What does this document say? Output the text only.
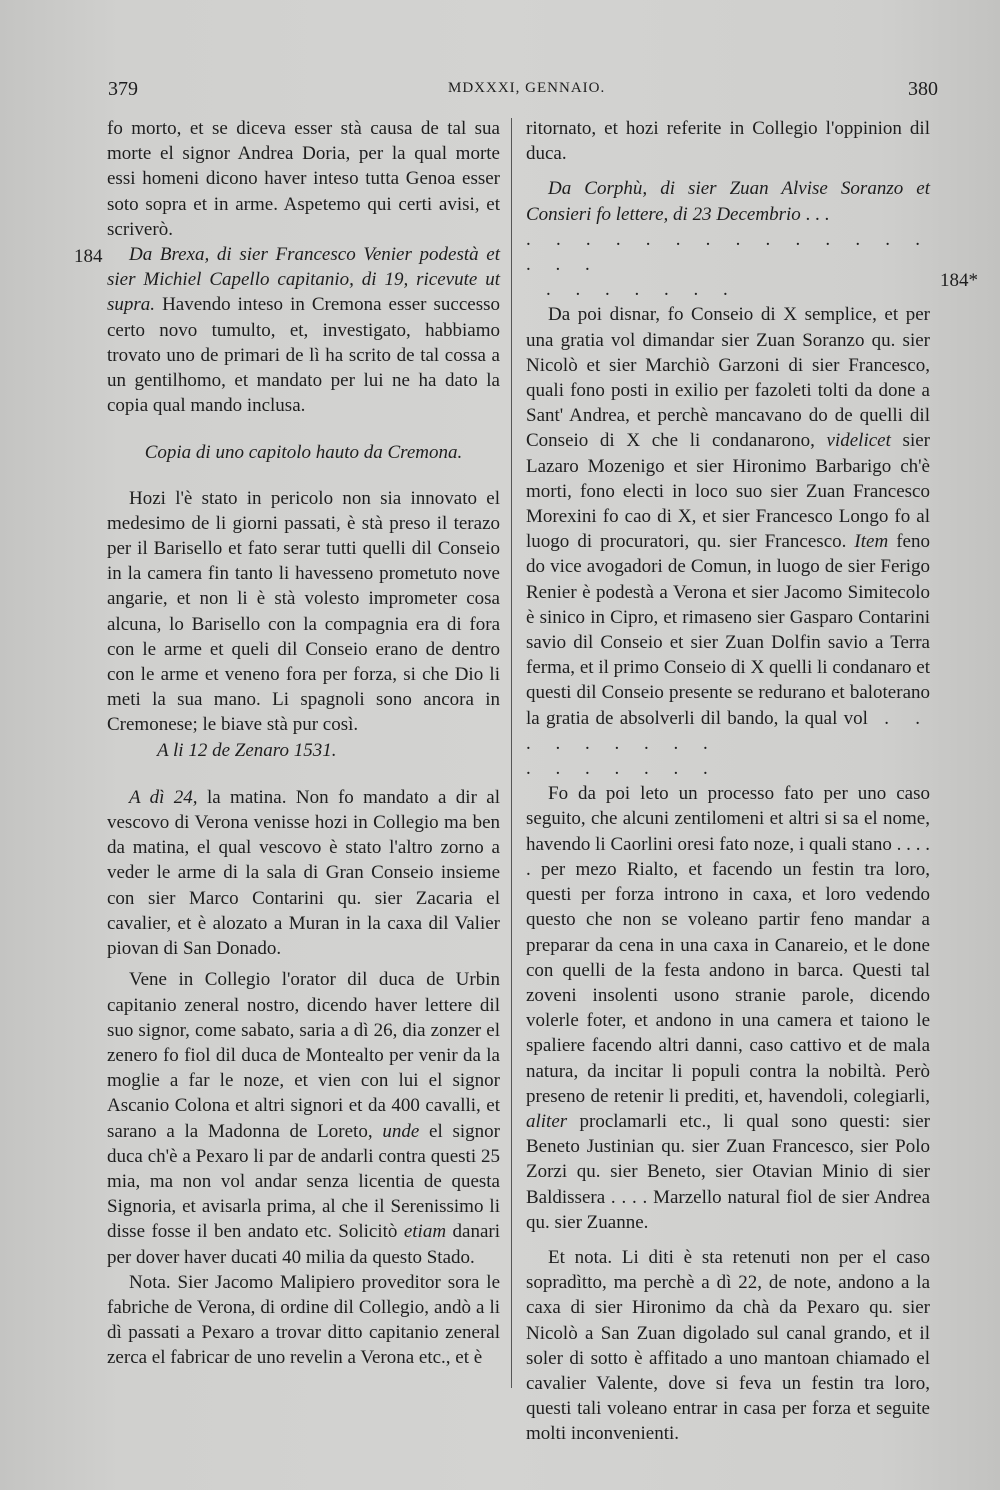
379	MDXXXI, GENNAIO.	380
184
184*

fo morto, et se diceva esser stà causa de tal sua morte el signor Andrea Doria, per la qual morte essi homeni dicono haver inteso tutta Genoa esser soto sopra et in arme. Aspetemo qui certi avisi, et scriverò.

Da Brexa, di sier Francesco Venier podestà et sier Michiel Capello capitanio, di 19, ricevute ut supra. Havendo inteso in Cremona esser successo certo novo tumulto, et, investigato, habbiamo trovato uno de primari de lì ha scrito de tal cossa a un gentilhomo, et mandato per lui ne ha dato la copia qual mando inclusa.

Copia di uno capitolo hauto da Cremona.

Hozi l'è stato in pericolo non sia innovato el medesimo de li giorni passati, è stà preso il terazo per il Barisello et fato serar tutti quelli dil Conseio in la camera fin tanto li havesseno prometuto nove angarie, et non li è stà volesto imprometer cosa alcuna, lo Barisello con la compagnia era di fora con le arme et queli dil Conseio erano de dentro con le arme et veneno fora per forza, si che Dio li meti la sua mano. Li spagnoli sono ancora in Cremonese; le biave stà pur così.

A li 12 de Zenaro 1531.

A dì 24, la matina. Non fo mandato a dir al vescovo di Verona venisse hozi in Collegio ma ben da matina, el qual vescovo è stato l'altro zorno a veder le arme di la sala di Gran Conseio insieme con sier Marco Contarini qu. sier Zacaria el cavalier, et è alozato a Muran in la caxa dil Valier piovan di San Donado.

Vene in Collegio l'orator dil duca de Urbin capitanio zeneral nostro, dicendo haver lettere dil suo signor, come sabato, saria a dì 26, dia zonzer el zenero fo fiol dil duca de Montealto per venir da la moglie a far le noze, et vien con lui el signor Ascanio Colona et altri signori et da 400 cavalli, et sarano a la Madonna de Loreto, unde el signor duca ch'è a Pexaro li par de andarli contra questi 25 mia, ma non vol andar senza licentia de questa Signoria, et avisarla prima, al che il Serenissimo li disse fosse il ben andato etc. Solicitò etiam danari per dover haver ducati 40 milia da questo Stado.

Nota. Sier Jacomo Malipiero proveditor sora le fabriche de Verona, di ordine dil Collegio, andò a li dì passati a Pexaro a trovar ditto capitanio zeneral zerca el fabricar de uno revelin a Verona etc., et è

ritornato, et hozi referite in Collegio l'oppinion dil duca.

Da Corphù, di sier Zuan Alvise Soranzo et Consieri fo lettere, di 23 Decembrio . . .

. . . . . . . . . . . . . . . . .

. . . . . . .

Da poi disnar, fo Conseio di X semplice, et per una gratia vol dimandar sier Zuan Soranzo qu. sier Nicolò et sier Marchiò Garzoni di sier Francesco, quali fono posti in exilio per fazoleti tolti da done a Sant' Andrea, et perchè mancavano do de quelli dil Conseio di X che li condanarono, videlicet sier Lazaro Mozenigo et sier Hironimo Barbarigo ch'è morti, fono electi in loco suo sier Zuan Francesco Morexini fo cao di X, et sier Francesco Longo fo al luogo di procuratori, qu. sier Francesco. Item feno do vice avogadori de Comun, in luogo de sier Ferigo Renier è podestà a Verona et sier Jacomo Simitecolo è sinico in Cipro, et rimaseno sier Gasparo Contarini savio dil Conseio et sier Zuan Dolfin savio a Terra ferma, et il primo Conseio di X quelli li condanaro et questi dil Conseio presente se redurano et baloterano la gratia de absolverli dil bando, la qual vol . . . . . . . . .

. . . . . . .

Fo da poi leto un processo fato per uno caso seguito, che alcuni zentilomeni et altri si sa el nome, havendo li Caorlini oresi fato noze, i quali stano . . . . . per mezo Rialto, et facendo un festin tra loro, questi per forza introno in caxa, et loro vedendo questo che non se voleano partir feno mandar a preparar da cena in una caxa in Canareio, et le done con quelli de la festa andono in barca. Questi tal zoveni insolenti usono stranie parole, dicendo volerle foter, et andono in una camera et taiono le spaliere facendo altri danni, caso cattivo et de mala natura, da incitar li populi contra la nobiltà. Però preseno de retenir li prediti, et, havendoli, colegiarli, aliter proclamarli etc., li qual sono questi: sier Beneto Justinian qu. sier Zuan Francesco, sier Polo Zorzi qu. sier Beneto, sier Otavian Minio di sier Baldissera . . . . Marzello natural fiol de sier Andrea qu. sier Zuanne.

Et nota. Li diti è sta retenuti non per el caso sopradìtto, ma perchè a dì 22, de note, andono a la caxa di sier Hironimo da chà da Pexaro qu. sier Nicolò a San Zuan digolado sul canal grando, et il soler di sotto è affitado a uno mantoan chiamado el cavalier Valente, dove si feva un festin tra loro, questi tali voleano entrar in casa per forza et seguite molti inconvenienti.
